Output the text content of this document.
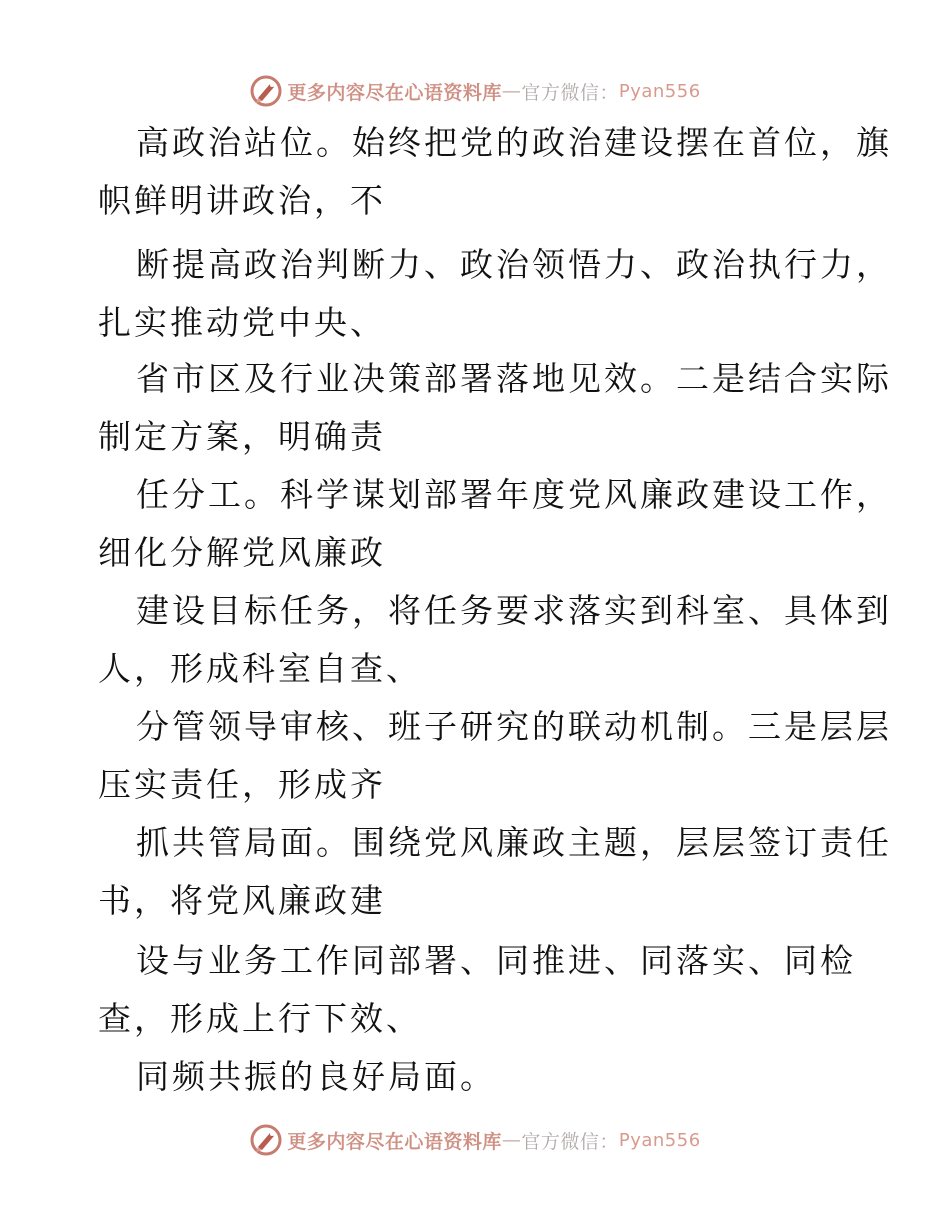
更多内容尽在心语资料库 — 官方微信： Pyan556
高政治站位。始终把党的政治建设摆在首位，旗
帜鲜明讲政治，不
断提高政治判断力、政治领悟力、政治执行力，
扎实推动党中央、
省市区及行业决策部署落地见效。二是结合实际
制定方案，明确责
任分工。科学谋划部署年度党风廉政建设工作，
细化分解党风廉政
建设目标任务，将任务要求落实到科室、具体到
人，形成科室自查、
分管领导审核、班子研究的联动机制。三是层层
压实责任，形成齐
抓共管局面。围绕党风廉政主题，层层签订责任
书，将党风廉政建
设与业务工作同部署、同推进、同落实、同检
查，形成上行下效、
同频共振的良好局面。
更多内容尽在心语资料库 — 官方微信： Pyan556
